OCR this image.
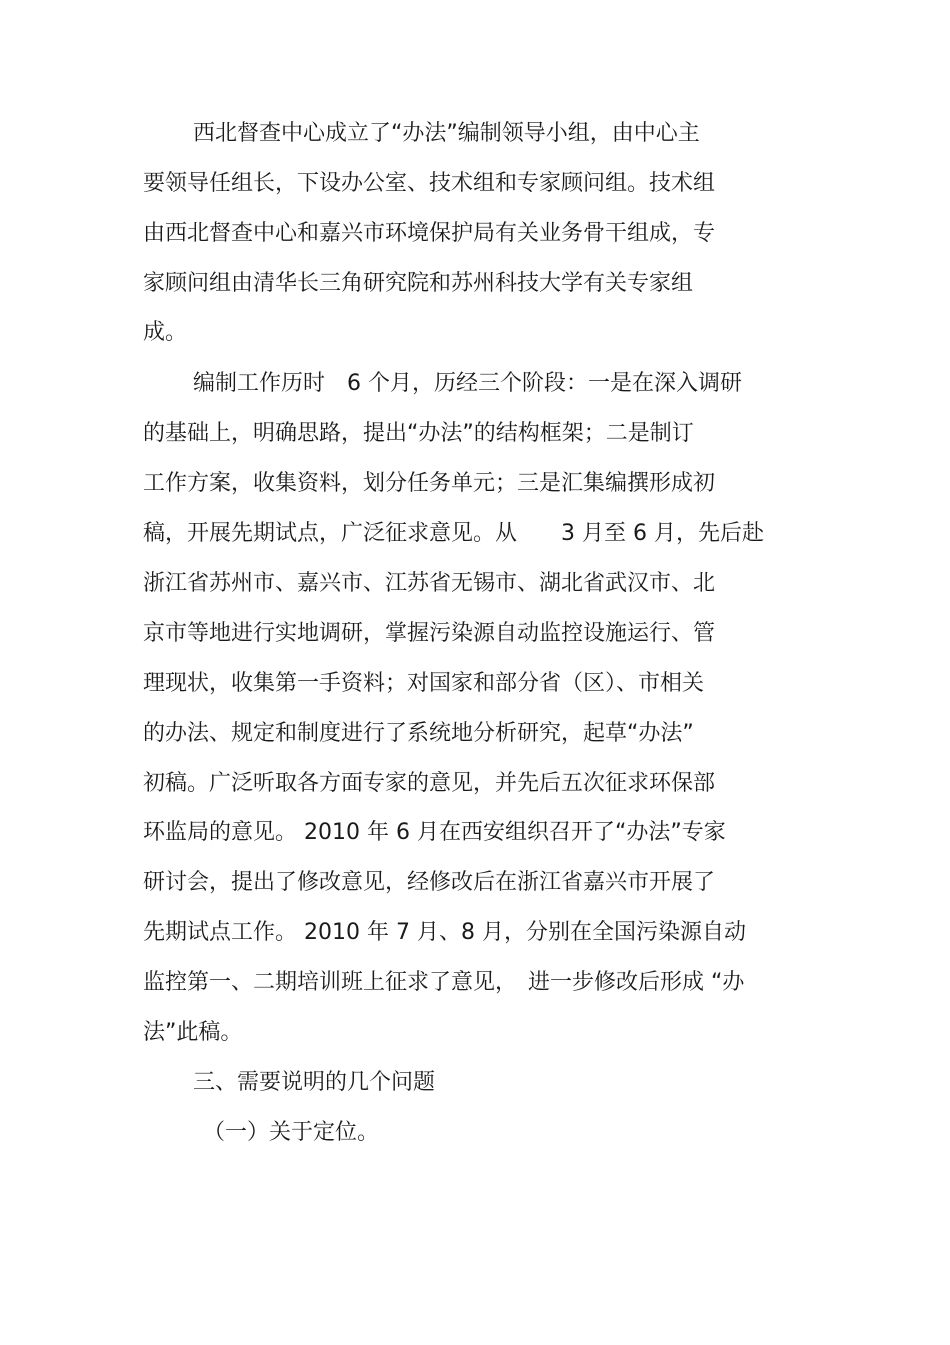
西北督查中心成立了“办法”编制领导小组，由中心主

要领导任组长，下设办公室、技术组和专家顾问组。技术组

由西北督查中心和嘉兴市环境保护局有关业务骨干组成，专

家顾问组由清华长三角研究院和苏州科技大学有关专家组

成。

编制工作历时　6 个月，历经三个阶段：一是在深入调研

的基础上，明确思路，提出“办法”的结构框架；二是制订

工作方案，收集资料，划分任务单元；三是汇集编撰形成初

稿，开展先期试点，广泛征求意见。从　　3 月至 6 月，先后赴

浙江省苏州市、嘉兴市、江苏省无锡市、湖北省武汉市、北

京市等地进行实地调研，掌握污染源自动监控设施运行、管

理现状，收集第一手资料；对国家和部分省（区）、市相关

的办法、规定和制度进行了系统地分析研究，起草“办法”

初稿。广泛听取各方面专家的意见，并先后五次征求环保部

环监局的意见。 2010 年 6 月在西安组织召开了“办法”专家

研讨会，提出了修改意见，经修改后在浙江省嘉兴市开展了

先期试点工作。 2010 年 7 月、8 月，分别在全国污染源自动

监控第一、二期培训班上征求了意见，　进一步修改后形成 “办

法”此稿。

三、需要说明的几个问题

（一）关于定位。
